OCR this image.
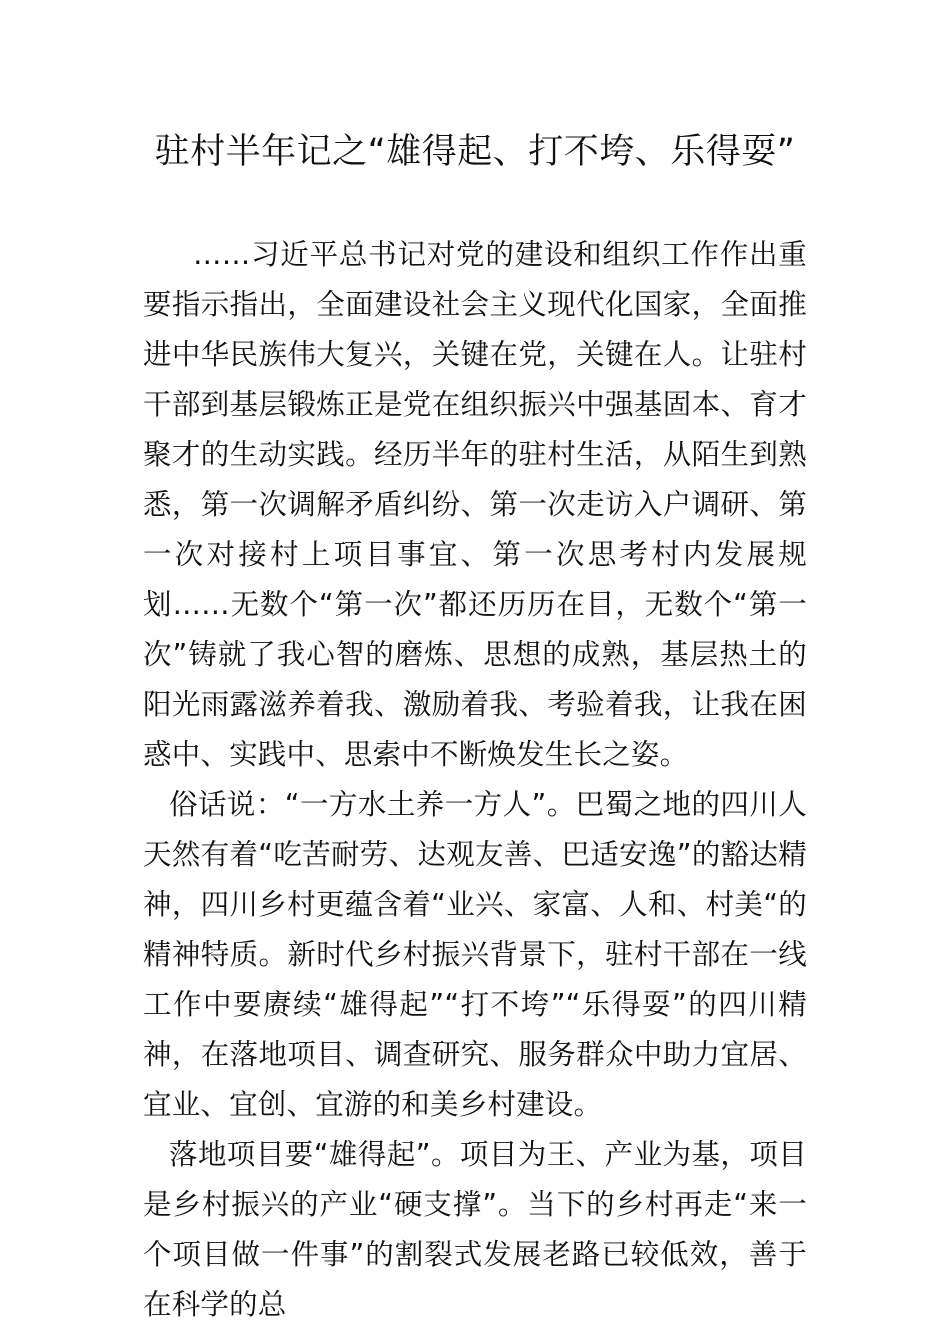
驻村半年记之“雄得起、打不垮、乐得耍”

……习近平总书记对党的建设和组织工作作出重要指示指出，全面建设社会主义现代化国家，全面推进中华民族伟大复兴，关键在党，关键在人。让驻村干部到基层锻炼正是党在组织振兴中强基固本、育才聚才的生动实践。经历半年的驻村生活，从陌生到熟悉，第一次调解矛盾纠纷、第一次走访入户调研、第一次对接村上项目事宜、第一次思考村内发展规划……无数个“第一次”都还历历在目，无数个“第一次”铸就了我心智的磨炼、思想的成熟，基层热土的阳光雨露滋养着我、激励着我、考验着我，让我在困惑中、实践中、思索中不断焕发生长之姿。

俗话说：“一方水土养一方人”。巴蜀之地的四川人天然有着“吃苦耐劳、达观友善、巴适安逸”的豁达精神，四川乡村更蕴含着“业兴、家富、人和、村美“的精神特质。新时代乡村振兴背景下，驻村干部在一线工作中要赓续“雄得起”“打不垮”“乐得耍”的四川精神，在落地项目、调查研究、服务群众中助力宜居、宜业、宜创、宜游的和美乡村建设。

落地项目要“雄得起”。项目为王、产业为基，项目是乡村振兴的产业“硬支撑”。当下的乡村再走“来一个项目做一件事”的割裂式发展老路已较低效，善于在科学的总
